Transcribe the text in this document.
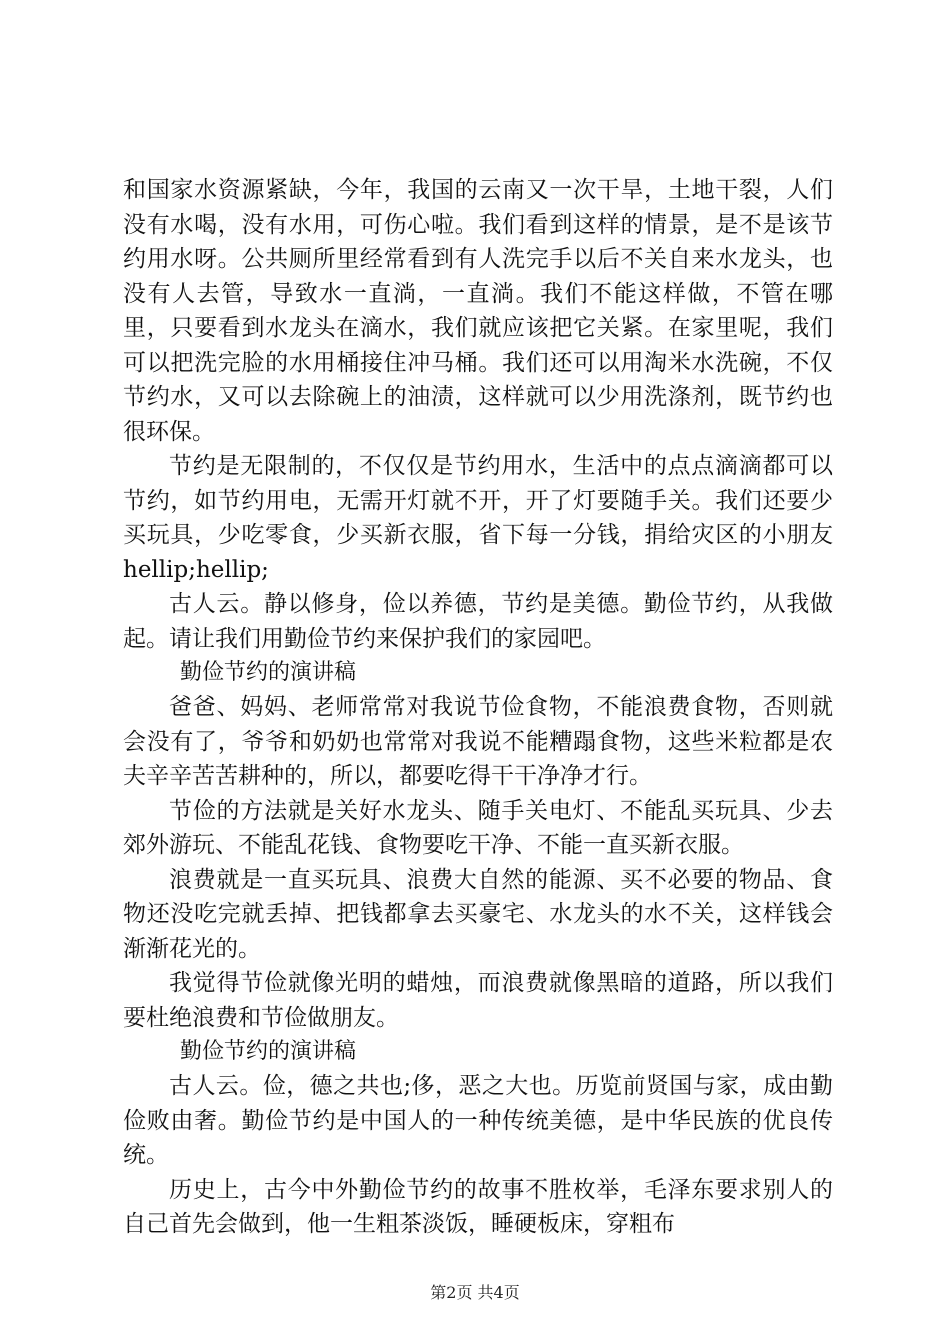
和国家水资源紧缺，今年，我国的云南又一次干旱，土地干裂，人们没有水喝，没有水用，可伤心啦。我们看到这样的情景，是不是该节约用水呀。公共厕所里经常看到有人洗完手以后不关自来水龙头，也没有人去管，导致水一直淌，一直淌。我们不能这样做，不管在哪里，只要看到水龙头在滴水，我们就应该把它关紧。在家里呢，我们可以把洗完脸的水用桶接住冲马桶。我们还可以用淘米水洗碗，不仅节约水，又可以去除碗上的油渍，这样就可以少用洗涤剂，既节约也很环保。

节约是无限制的，不仅仅是节约用水，生活中的点点滴滴都可以节约，如节约用电，无需开灯就不开，开了灯要随手关。我们还要少买玩具，少吃零食，少买新衣服，省下每一分钱，捐给灾区的小朋友hellip;hellip;

古人云。静以修身，俭以养德，节约是美德。勤俭节约，从我做起。请让我们用勤俭节约来保护我们的家园吧。

勤俭节约的演讲稿

爸爸、妈妈、老师常常对我说节俭食物，不能浪费食物，否则就会没有了，爷爷和奶奶也常常对我说不能糟蹋食物，这些米粒都是农夫辛辛苦苦耕种的，所以，都要吃得干干净净才行。

节俭的方法就是关好水龙头、随手关电灯、不能乱买玩具、少去郊外游玩、不能乱花钱、食物要吃干净、不能一直买新衣服。

浪费就是一直买玩具、浪费大自然的能源、买不必要的物品、食物还没吃完就丢掉、把钱都拿去买豪宅、水龙头的水不关，这样钱会渐渐花光的。

我觉得节俭就像光明的蜡烛，而浪费就像黑暗的道路，所以我们要杜绝浪费和节俭做朋友。

勤俭节约的演讲稿

古人云。俭，德之共也;侈，恶之大也。历览前贤国与家，成由勤俭败由奢。勤俭节约是中国人的一种传统美德，是中华民族的优良传统。

历史上，古今中外勤俭节约的故事不胜枚举，毛泽东要求别人的自己首先会做到，他一生粗茶淡饭，睡硬板床，穿粗布

第2页 共4页
